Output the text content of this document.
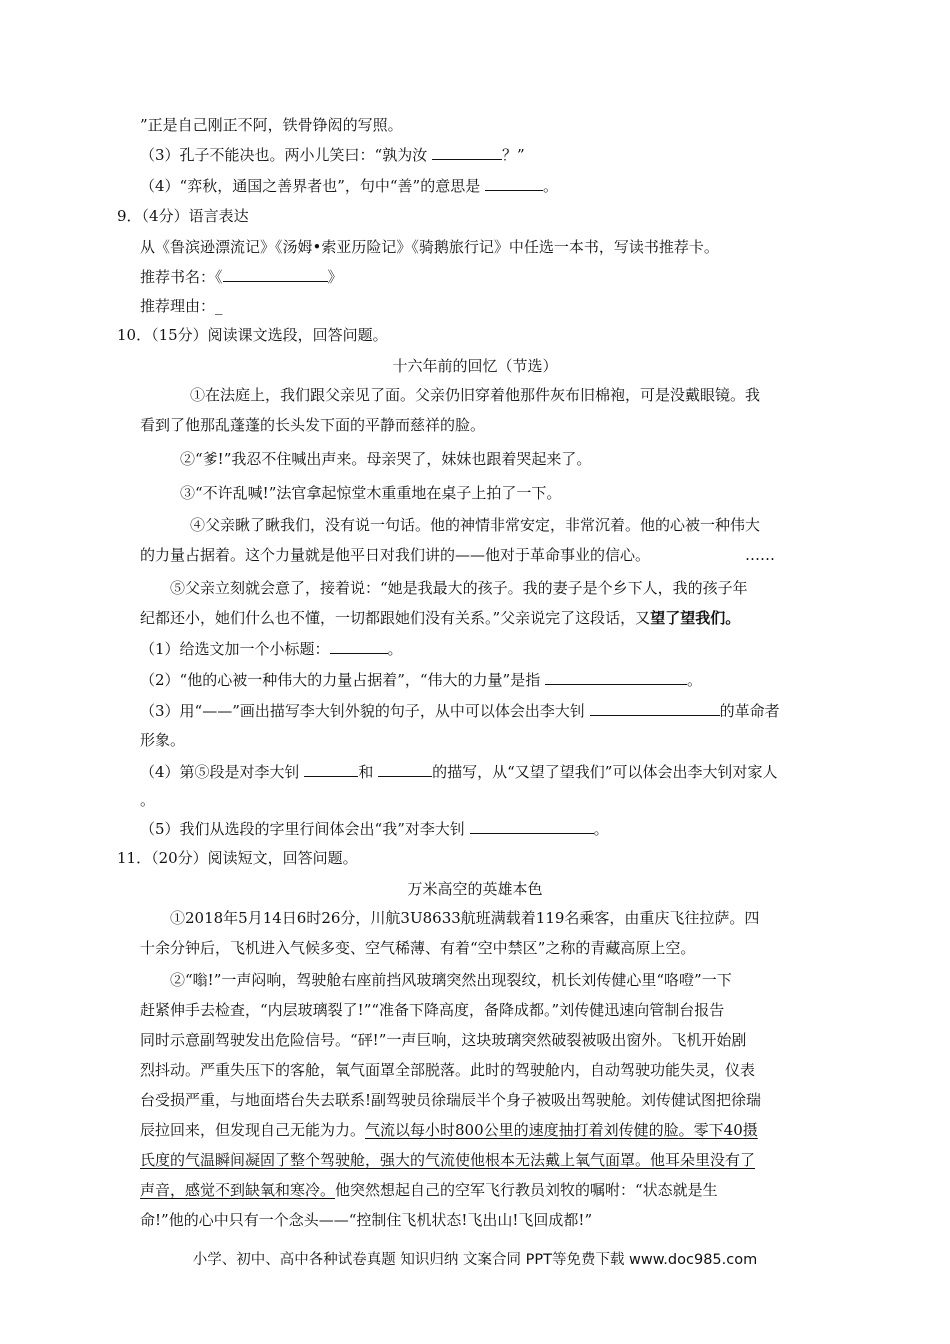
”正是自己刚正不阿，铁骨铮闳的写照。
（3）孔子不能决也。两小儿笑曰：“孰为汝	？”
（4）“弈秋，通国之善界者也”，句中“善”的意思是	。
9．（4分）语言表达
从《鲁滨逊漂流记》《汤姆•索亚历险记》《骑鹅旅行记》中任选一本书，写读书推荐卡。
推荐书名：《	》
推荐理由：_
10．（15分）阅读课文选段，回答问题。
十六年前的回忆（节选）
①在法庭上，我们跟父亲见了面。父亲仍旧穿着他那件灰布旧棉袍，可是没戴眼镜。我
看到了他那乱蓬蓬的长头发下面的平静而慈祥的脸。
②“爹!”我忍不住喊出声来。母亲哭了，妹妹也跟着哭起来了。
③“不许乱喊!”法官拿起惊堂木重重地在桌子上拍了一下。
④父亲瞅了瞅我们，没有说一句话。他的神情非常安定，非常沉着。他的心被一种伟大
的力量占据着。这个力量就是他平日对我们讲的——他对于革命事业的信心。	……
⑤父亲立刻就会意了，接着说：“她是我最大的孩子。我的妻子是个乡下人，我的孩子年
纪都还小，她们什么也不懂，一切都跟她们没有关系。”父亲说完了这段话，又望了望我们。
（1）给选文加一个小标题：	。
（2）“他的心被一种伟大的力量占据着”，“伟大的力量”是指	。
（3）用“——”画出描写李大钊外貌的句子，从中可以体会出李大钊	的革命者
形象。
（4）第⑤段是对李大钊	和	的描写，从“又望了望我们”可以体会出李大钊对家人
。
（5）我们从选段的字里行间体会出“我”对李大钊	。
11．（20分）阅读短文，回答问题。
万米高空的英雄本色
①2018年5月14日6时26分，川航3U8633航班满载着119名乘客，由重庆飞往拉萨。四
十余分钟后，飞机进入气候多变、空气稀薄、有着“空中禁区”之称的青藏高原上空。
②“嗡!”一声闷响，驾驶舱右座前挡风玻璃突然出现裂纹，机长刘传健心里“咯噔”一下
赶紧伸手去检查，“内层玻璃裂了!”“准备下降高度，备降成都。”刘传健迅速向管制台报告
同时示意副驾驶发出危险信号。“砰!”一声巨响，这块玻璃突然破裂被吸出窗外。飞机开始剧
烈抖动。严重失压下的客舱，氧气面罩全部脱落。此时的驾驶舱内，自动驾驶功能失灵，仪表
台受损严重，与地面塔台失去联系!副驾驶员徐瑞辰半个身子被吸出驾驶舱。刘传健试图把徐瑞
辰拉回来，但发现自己无能为力。气流以每小时800公里的速度抽打着刘传健的脸。零下40摄
氏度的气温瞬间凝固了整个驾驶舱，强大的气流使他根本无法戴上氧气面罩。他耳朵里没有了
声音，感觉不到缺氧和寒冷。他突然想起自己的空军飞行教员刘牧的嘱咐：“状态就是生
命!”他的心中只有一个念头——“控制住飞机状态!飞出山!飞回成都!”
小学、初中、高中各种试卷真题 知识归纳 文案合同 PPT等免费下载 www.doc985.com
